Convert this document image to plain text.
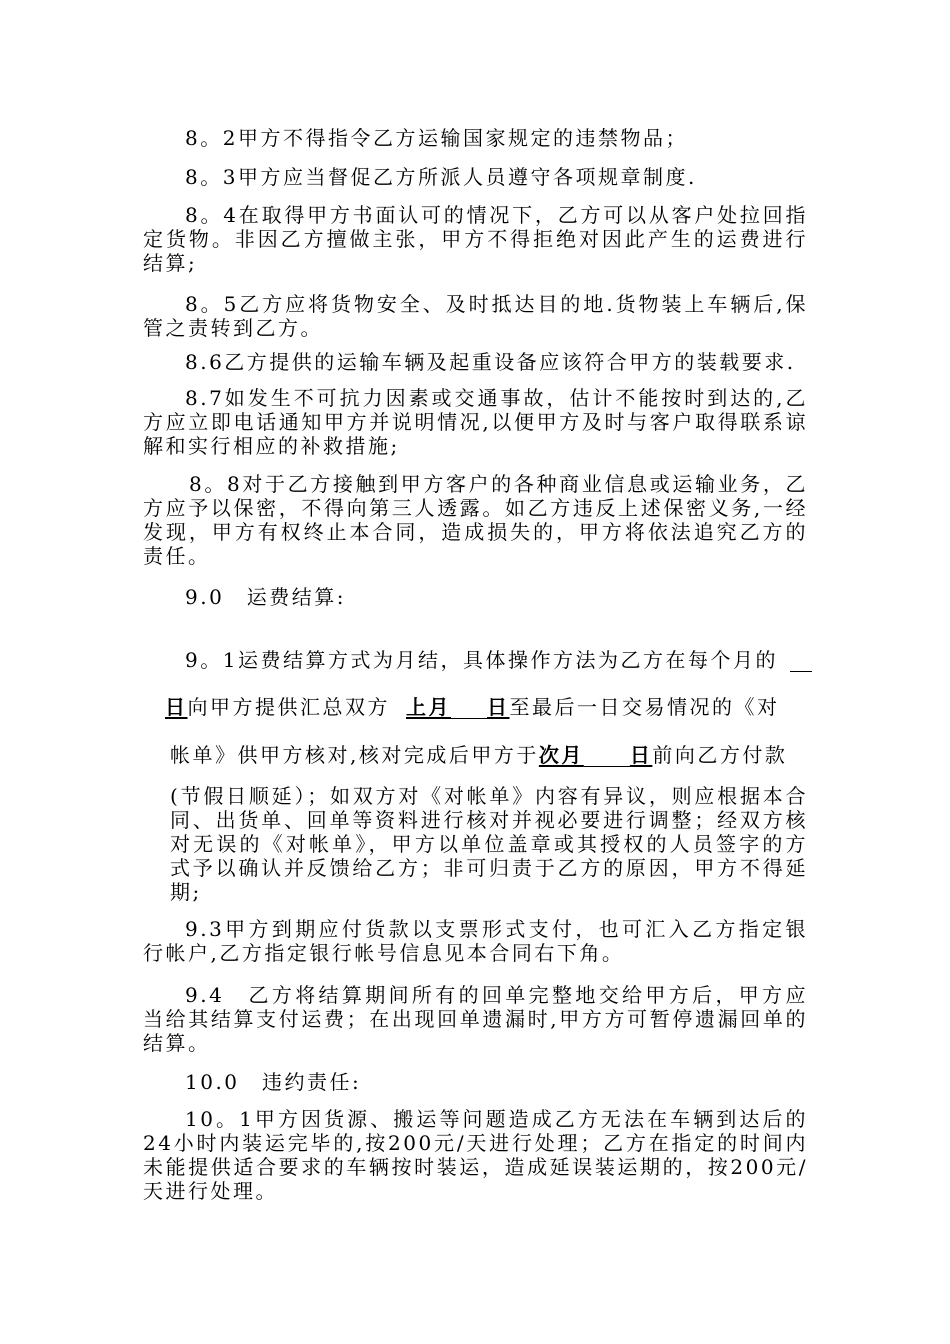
8。2甲方不得指令乙方运输国家规定的违禁物品；

8。3甲方应当督促乙方所派人员遵守各项规章制度.

8。4在取得甲方书面认可的情况下，乙方可以从客户处拉回指定货物。非因乙方擅做主张，甲方不得拒绝对因此产生的运费进行结算;

8。5乙方应将货物安全、及时抵达目的地.货物装上车辆后,保管之责转到乙方。

8.6乙方提供的运输车辆及起重设备应该符合甲方的装载要求.

8.7如发生不可抗力因素或交通事故，估计不能按时到达的,乙方应立即电话通知甲方并说明情况,以便甲方及时与客户取得联系谅解和实行相应的补救措施;

8。8对于乙方接触到甲方客户的各种商业信息或运输业务，乙方应予以保密，不得向第三人透露。如乙方违反上述保密义务,一经发现，甲方有权终止本合同，造成损失的，甲方将依法追究乙方的责任。

9.0　运费结算:

9。1运费结算方式为月结，具体操作方法为乙方在每个月的
日向甲方提供汇总双方 上月 日至最后一日交易情况的《对
帐单》供甲方核对,核对完成后甲方于次月 日前向乙方付款

(节假日顺延）；如双方对《对帐单》内容有异议，则应根据本合同、出货单、回单等资料进行核对并视必要进行调整；经双方核对无误的《对帐单》，甲方以单位盖章或其授权的人员签字的方式予以确认并反馈给乙方；非可归责于乙方的原因，甲方不得延期;

9.3甲方到期应付货款以支票形式支付，也可汇入乙方指定银行帐户,乙方指定银行帐号信息见本合同右下角。

9.4　乙方将结算期间所有的回单完整地交给甲方后，甲方应当给其结算支付运费；在出现回单遗漏时,甲方方可暂停遗漏回单的结算。

10.0　违约责任:

10。1甲方因货源、搬运等问题造成乙方无法在车辆到达后的24小时内装运完毕的,按200元/天进行处理；乙方在指定的时间内未能提供适合要求的车辆按时装运，造成延误装运期的，按200元/天进行处理。
